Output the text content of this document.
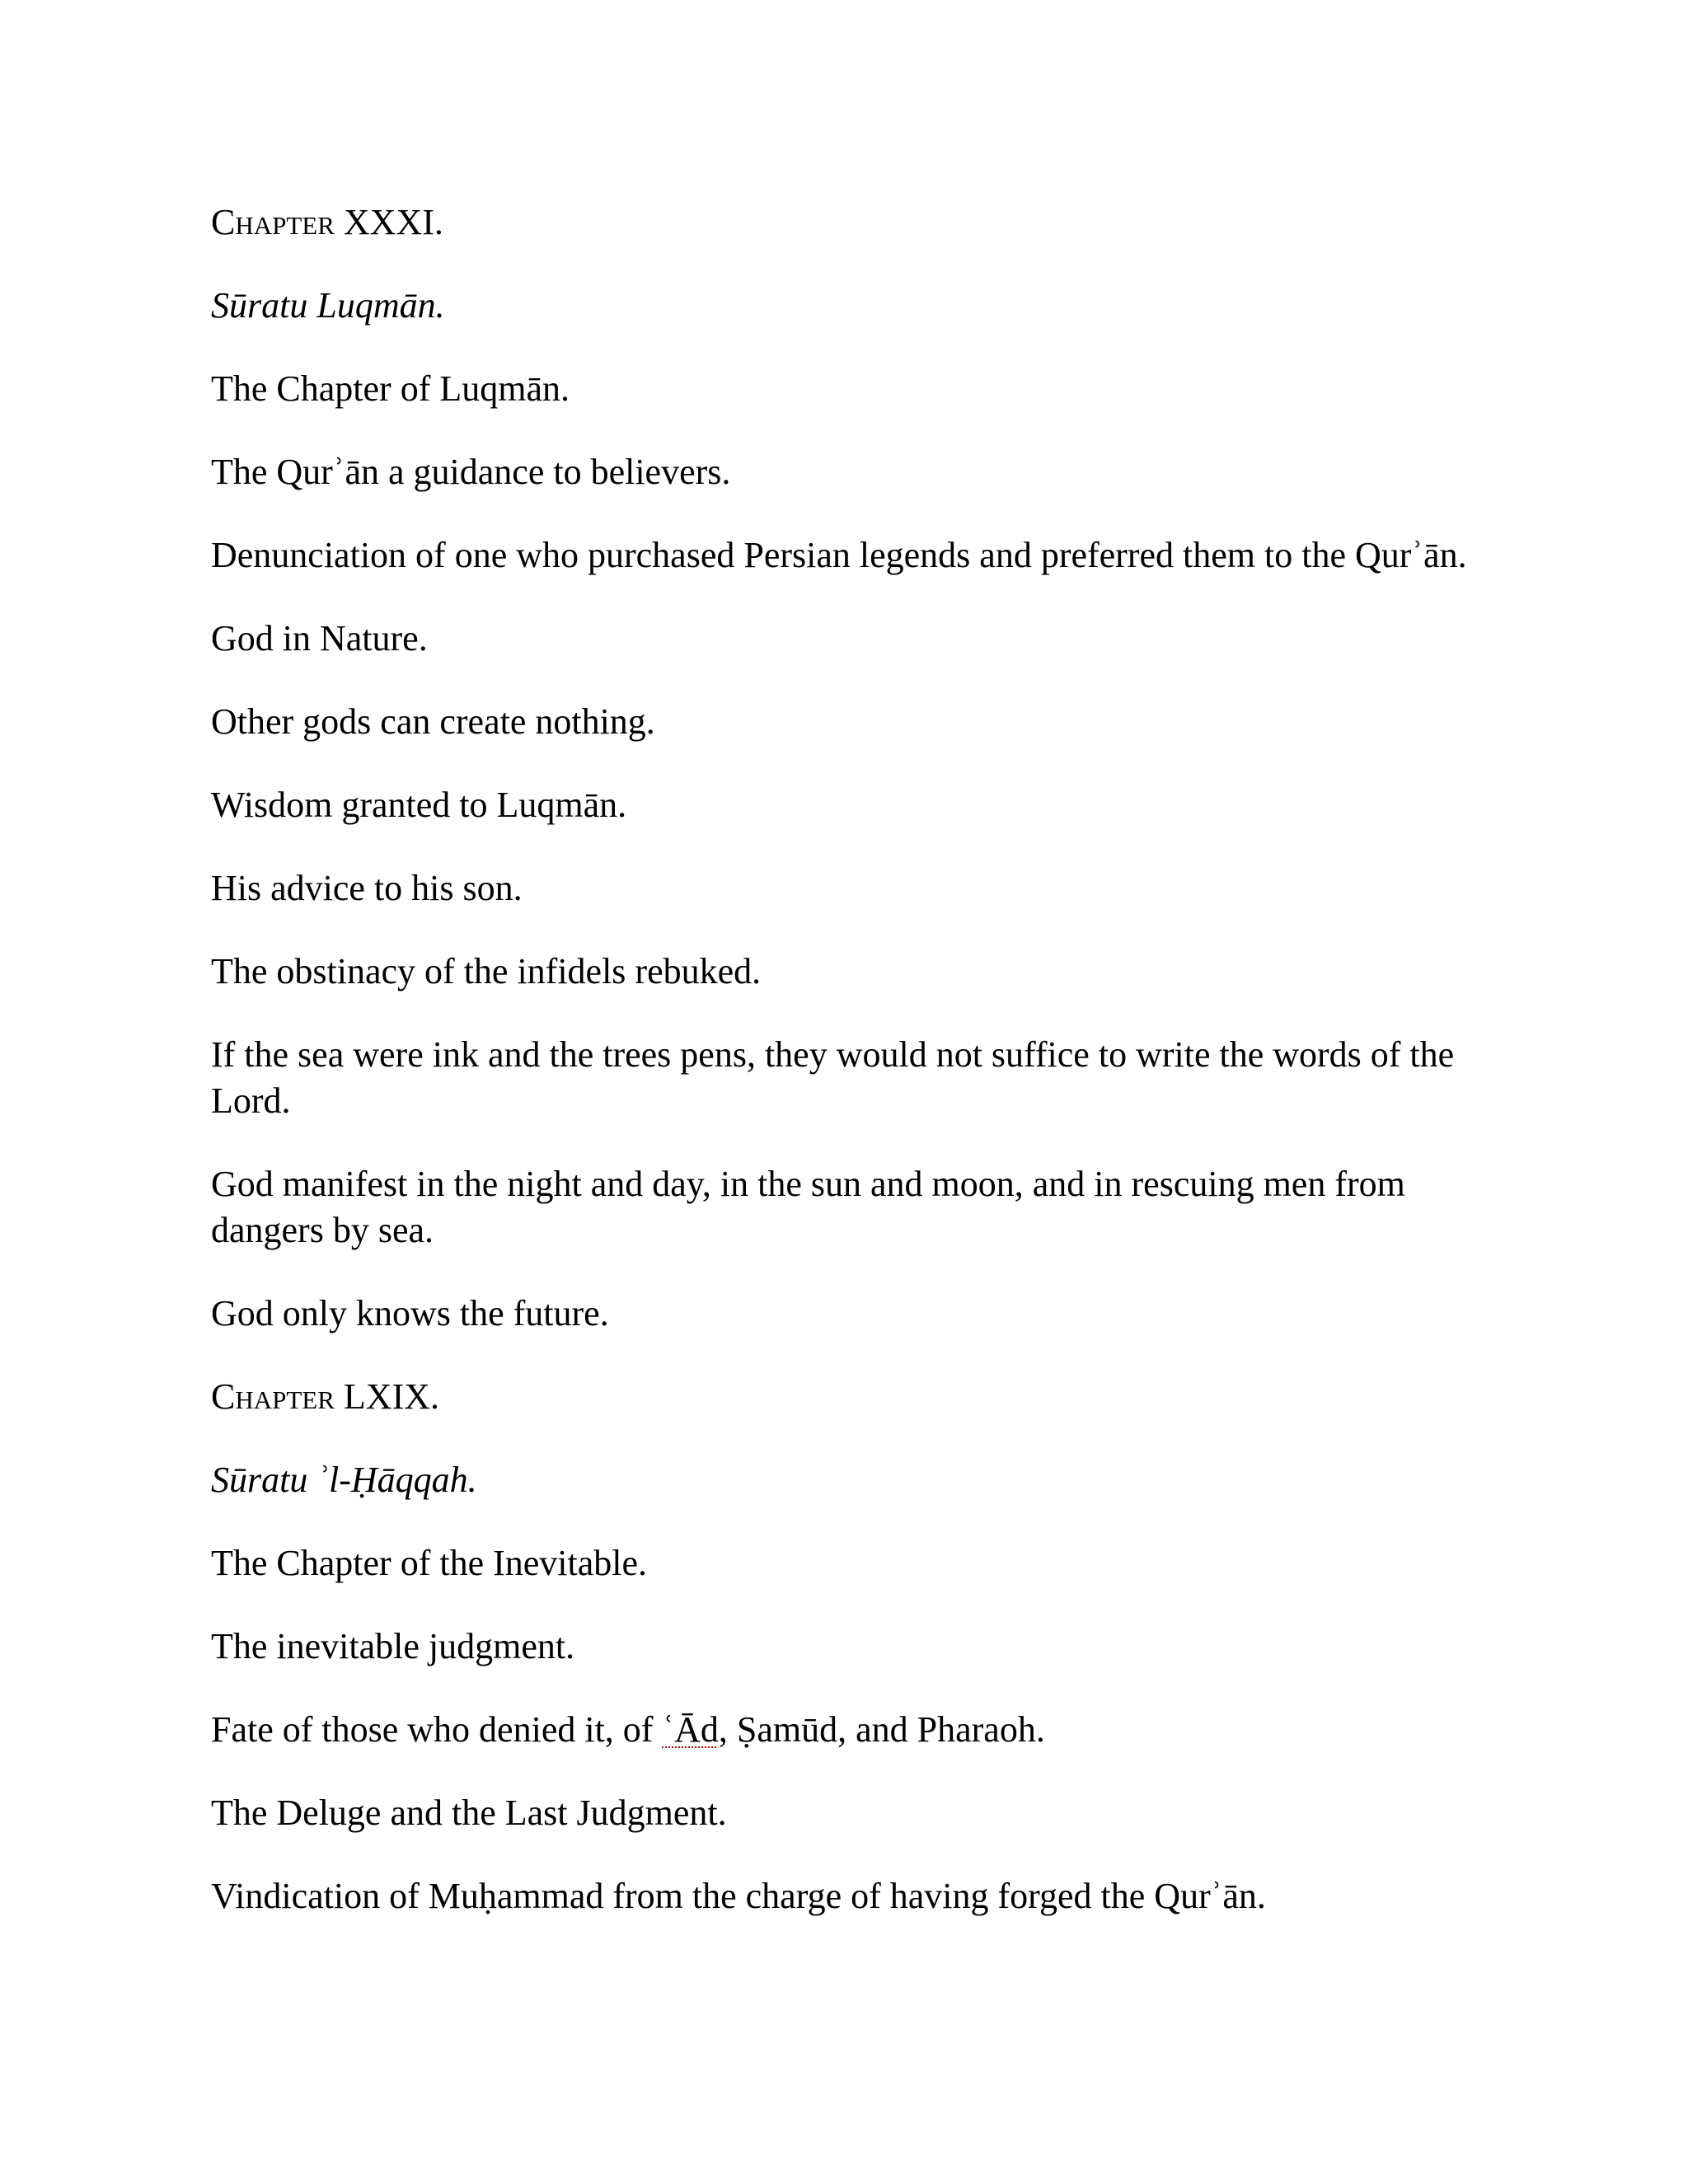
Chapter XXXI.

Sūratu Luqmān.

The Chapter of Luqmān.

The Qurʾān a guidance to believers.

Denunciation of one who purchased Persian legends and preferred them to the Qurʾān.

God in Nature.

Other gods can create nothing.

Wisdom granted to Luqmān.

His advice to his son.

The obstinacy of the infidels rebuked.

If the sea were ink and the trees pens, they would not suffice to write the words of the Lord.

God manifest in the night and day, in the sun and moon, and in rescuing men from dangers by sea.

God only knows the future.

Chapter LXIX.

Sūratu ʾl-Ḥāqqah.

The Chapter of the Inevitable.

The inevitable judgment.

Fate of those who denied it, of ʿĀd, Ṣamūd, and Pharaoh.

The Deluge and the Last Judgment.

Vindication of Muḥammad from the charge of having forged the Qurʾān.
